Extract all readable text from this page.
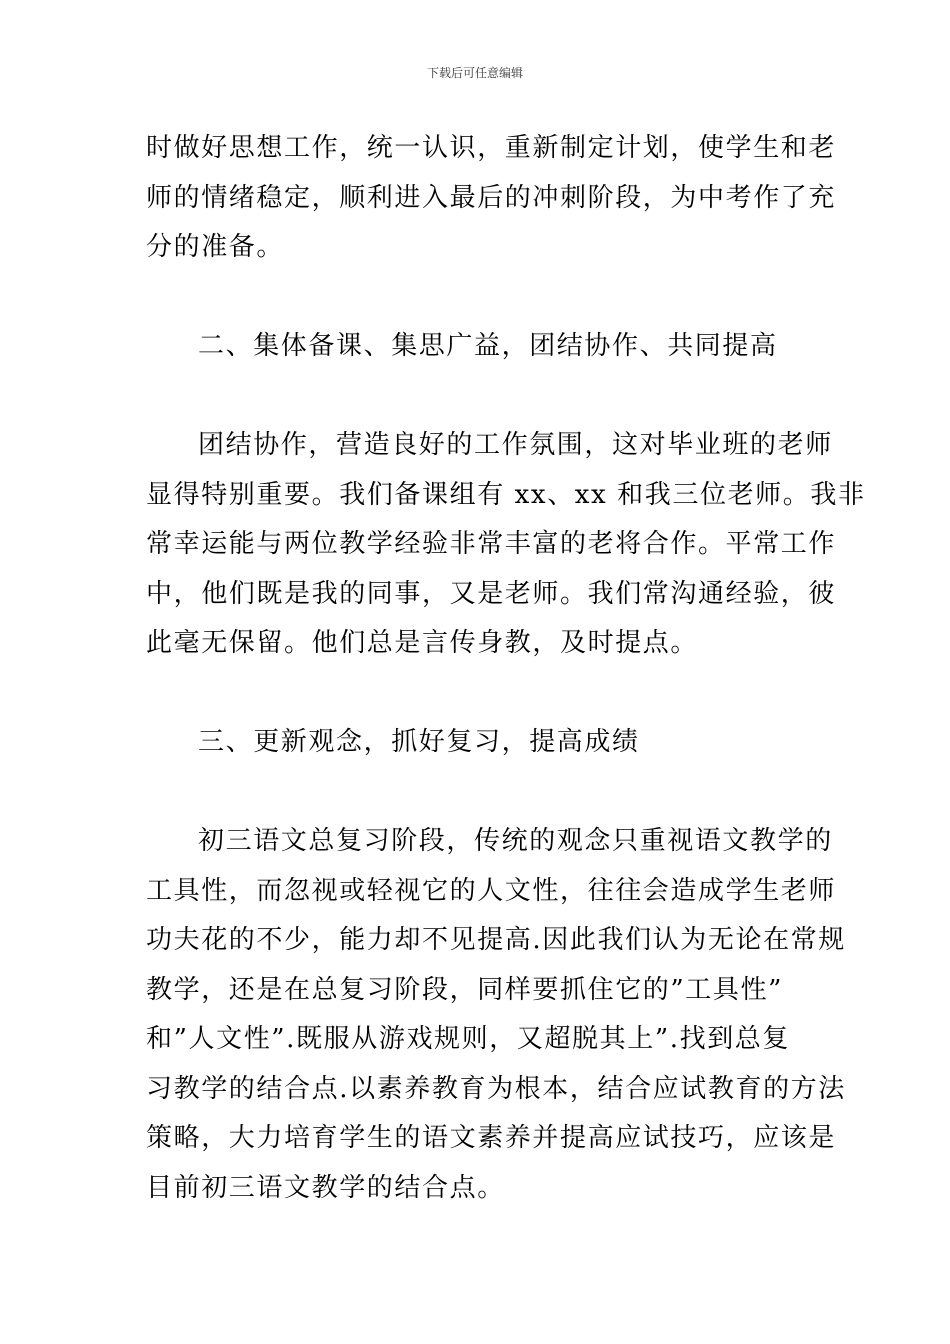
下载后可任意编辑
时做好思想工作，统一认识，重新制定计划，使学生和老
师的情绪稳定，顺利进入最后的冲刺阶段，为中考作了充
分的准备。
二、集体备课、集思广益，团结协作、共同提高
团结协作，营造良好的工作氛围，这对毕业班的老师
显得特别重要。我们备课组有 xx、xx 和我三位老师。我非
常幸运能与两位教学经验非常丰富的老将合作。平常工作
中，他们既是我的同事，又是老师。我们常沟通经验，彼
此毫无保留。他们总是言传身教，及时提点。
三、更新观念，抓好复习，提高成绩
初三语文总复习阶段，传统的观念只重视语文教学的
工具性，而忽视或轻视它的人文性，往往会造成学生老师
功夫花的不少，能力却不见提高.因此我们认为无论在常规
教学，还是在总复习阶段，同样要抓住它的”工具性”
和”人文性”.既服从游戏规则，又超脱其上”.找到总复
习教学的结合点.以素养教育为根本，结合应试教育的方法
策略，大力培育学生的语文素养并提高应试技巧，应该是
目前初三语文教学的结合点。
